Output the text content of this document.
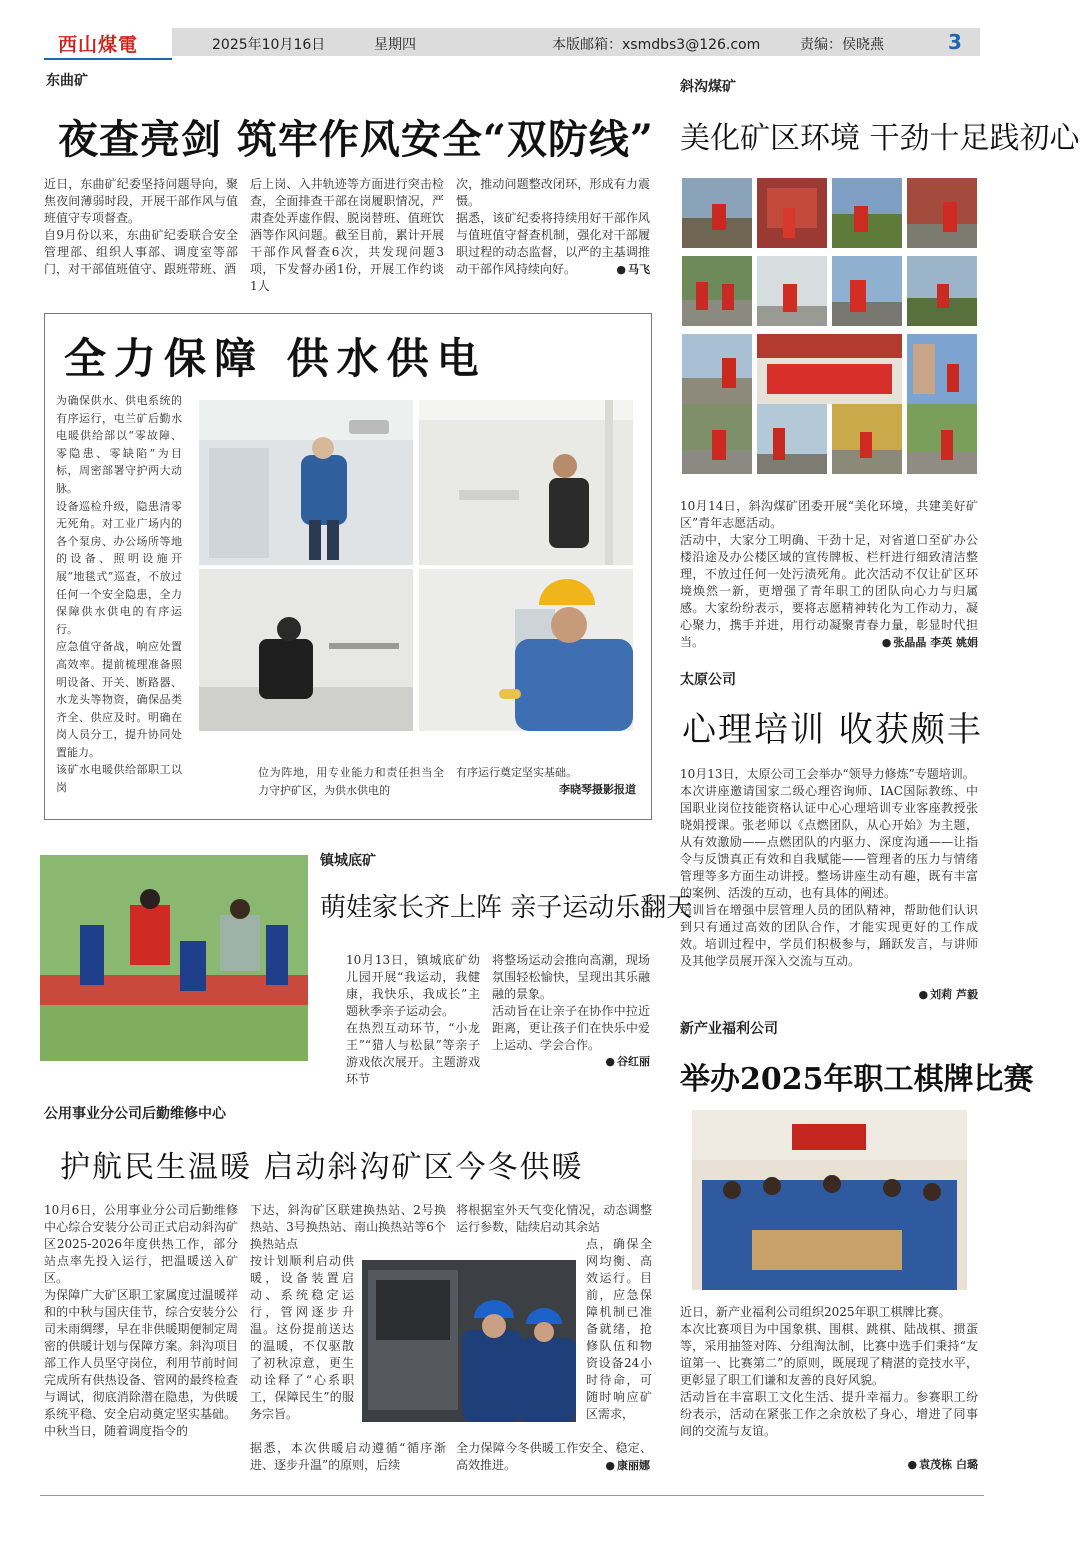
西山煤電	2025年10月16日	星期四	本版邮箱：xsmdbs3@126.com	责编：侯晓燕	3
东曲矿
夜查亮剑 筑牢作风安全“双防线”
近日，东曲矿纪委坚持问题导向，聚焦夜间薄弱时段，开展干部作风与值班值守专项督查。
自9月份以来，东曲矿纪委联合安全管理部、组织人事部、调度室等部门，对干部值班值守、跟班带班、酒
后上岗、入井轨迹等方面进行突击检查，全面排查干部在岗履职情况，严肃查处弄虚作假、脱岗替班、值班饮酒等作风问题。截至目前，累计开展干部作风督查6次，共发现问题3项，下发督办函1份，开展工作约谈1人
次，推动问题整改闭环，形成有力震慑。
据悉，该矿纪委将持续用好干部作风与值班值守督查机制，强化对干部履职过程的动态监督，以严的主基调推动干部作风持续向好。	● 马飞
全力保障 供水供电
为确保供水、供电系统的有序运行，屯兰矿后勤水电暖供给部以“零故障、零隐患、零缺陷”为目标，周密部署守护两大动脉。
设备巡检升级，隐患清零无死角。对工业广场内的各个泵房、办公场所等地的设备、照明设施开展“地毯式”巡查，不放过任何一个安全隐患，全力保障供水供电的有序运行。
应急值守备战，响应处置高效率。提前梳理准备照明设备、开关、断路器、水龙头等物资，确保品类齐全、供应及时。明确在岗人员分工，提升协同处置能力。
该矿水电暖供给部职工以岗
位为阵地，用专业能力和责任担当全力守护矿区，为供水供电的
有序运行奠定坚实基础。
李晓琴摄影报道
斜沟煤矿
美化矿区环境 干劲十足践初心
10月14日，斜沟煤矿团委开展“美化环境，共建美好矿区”青年志愿活动。
活动中，大家分工明确、干劲十足，对省道口至矿办公楼沿途及办公楼区域的宣传牌板、栏杆进行细致清洁整理，不放过任何一处污渍死角。此次活动不仅让矿区环境焕然一新，更增强了青年职工的团队向心力与归属感。大家纷纷表示，要将志愿精神转化为工作动力，凝心聚力，携手并进，用行动凝聚青春力量，彰显时代担当。	● 张晶晶 李英 姚娟
太原公司
心理培训 收获颇丰
10月13日，太原公司工会举办“领导力修炼”专题培训。
本次讲座邀请国家二级心理咨询师、IAC国际教练、中国职业岗位技能资格认证中心心理培训专业客座教授张晓娟授课。张老师以《点燃团队，从心开始》为主题，从有效激励——点燃团队的内驱力、深度沟通——让指令与反馈真正有效和自我赋能——管理者的压力与情绪管理等多方面生动讲授。整场讲座生动有趣，既有丰富的案例、活泼的互动，也有具体的阐述。
培训旨在增强中层管理人员的团队精神，帮助他们认识到只有通过高效的团队合作，才能实现更好的工作成效。培训过程中，学员们积极参与，踊跃发言，与讲师及其他学员展开深入交流与互动。
● 刘莉 芦毅
镇城底矿
萌娃家长齐上阵 亲子运动乐翻天
10月13日，镇城底矿幼儿园开展“我运动，我健康，我快乐，我成长”主题秋季亲子运动会。
在热烈互动环节，“小龙王”“猎人与松鼠”等亲子游戏依次展开。主题游戏环节
将整场运动会推向高潮，现场氛围轻松愉快，呈现出其乐融融的景象。
活动旨在让亲子在协作中拉近距离，更让孩子们在快乐中爱上运动、学会合作。
● 谷红丽
新产业福利公司
举办2025年职工棋牌比赛
近日，新产业福利公司组织2025年职工棋牌比赛。
本次比赛项目为中国象棋、围棋、跳棋、陆战棋、掼蛋等，采用抽签对阵、分组淘汰制，比赛中选手们秉持“友谊第一、比赛第二”的原则，既展现了精湛的竞技水平，更彰显了职工们谦和友善的良好风貌。
活动旨在丰富职工文化生活、提升幸福力。参赛职工纷纷表示，活动在紧张工作之余放松了身心，增进了同事间的交流与友谊。
● 袁茂栋 白璐
公用事业分公司后勤维修中心
护航民生温暖 启动斜沟矿区今冬供暖
10月6日，公用事业分公司后勤维修中心综合安装分公司正式启动斜沟矿区2025-2026年度供热工作，部分站点率先投入运行，把温暖送入矿区。
为保障广大矿区职工家属度过温暖祥和的中秋与国庆佳节，综合安装分公司未雨绸缪，早在非供暖期便制定周密的供暖计划与保障方案。斜沟项目部工作人员坚守岗位，利用节前时间完成所有供热设备、管网的最终检查与调试，彻底消除潜在隐患，为供暖系统平稳、安全启动奠定坚实基础。
中秋当日，随着调度指令的
下达，斜沟矿区联建换热站、2号换热站、3号换热站、南山换热站等6个换热站点
按计划顺利启动供暖，设备装置启动、系统稳定运行，管网逐步升温。这份提前送达的温暖，不仅驱散了初秋凉意，更生动诠释了“心系职工，保障民生”的服务宗旨。
据悉，本次供暖启动遵循“循序渐进、逐步升温”的原则，后续
将根据室外天气变化情况，动态调整运行参数，陆续启动其余站
点，确保全网均衡、高效运行。目前，应急保障机制已准备就绪，抢修队伍和物资设备24小时待命，可随时响应矿区需求，
全力保障今冬供暖工作安全、稳定、高效推进。	● 康丽娜
